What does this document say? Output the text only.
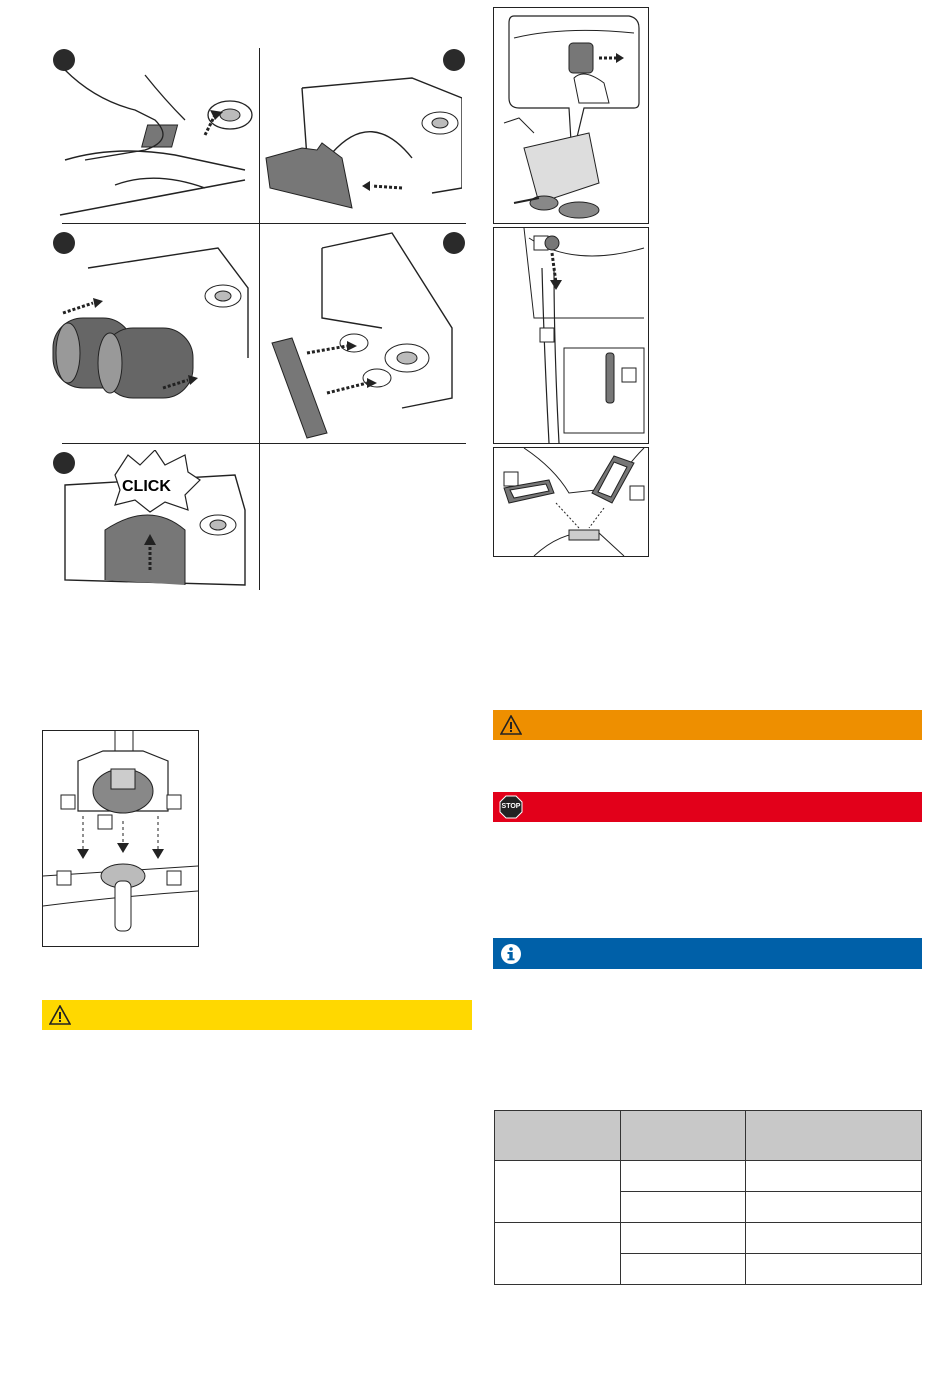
CLICK
STOP
